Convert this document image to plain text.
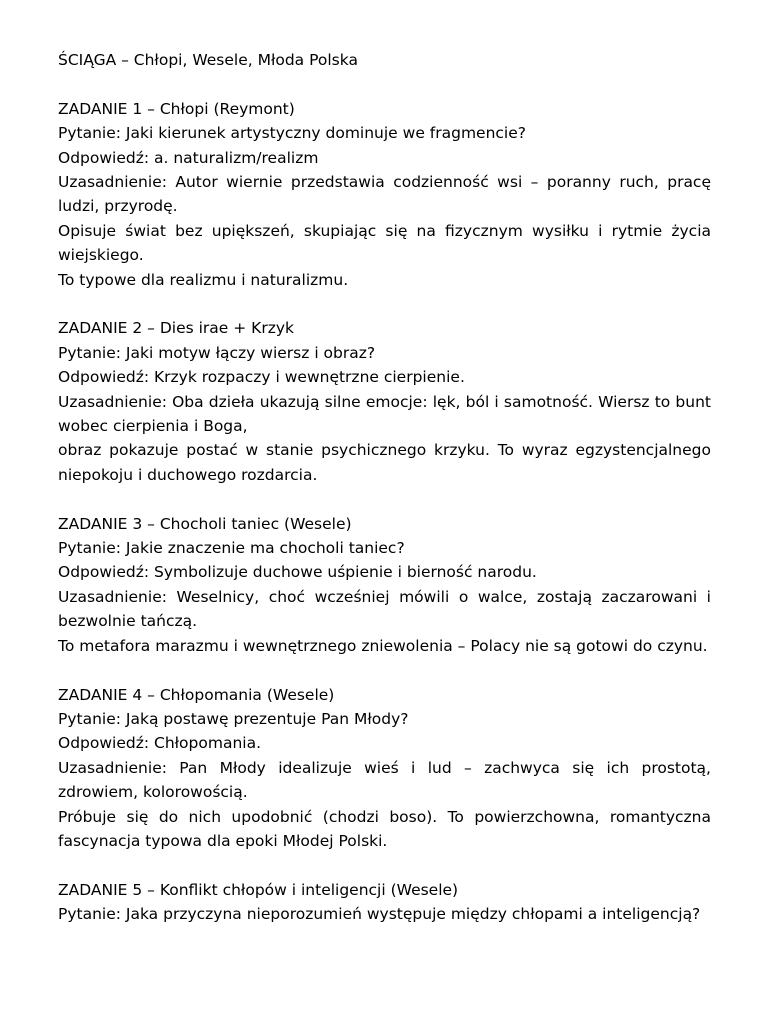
ŚCIĄGA – Chłopi, Wesele, Młoda Polska

ZADANIE 1 – Chłopi (Reymont)

Pytanie: Jaki kierunek artystyczny dominuje we fragmencie?

Odpowiedź: a. naturalizm/realizm

Uzasadnienie: Autor wiernie przedstawia codzienność wsi – poranny ruch, pracę ludzi, przyrodę.

Opisuje świat bez upiększeń, skupiając się na fizycznym wysiłku i rytmie życia wiejskiego.

To typowe dla realizmu i naturalizmu.

ZADANIE 2 – Dies irae + Krzyk

Pytanie: Jaki motyw łączy wiersz i obraz?

Odpowiedź: Krzyk rozpaczy i wewnętrzne cierpienie.

Uzasadnienie: Oba dzieła ukazują silne emocje: lęk, ból i samotność. Wiersz to bunt wobec cierpienia i Boga,

obraz pokazuje postać w stanie psychicznego krzyku. To wyraz egzystencjalnego niepokoju i duchowego rozdarcia.

ZADANIE 3 – Chocholi taniec (Wesele)

Pytanie: Jakie znaczenie ma chocholi taniec?

Odpowiedź: Symbolizuje duchowe uśpienie i bierność narodu.

Uzasadnienie: Weselnicy, choć wcześniej mówili o walce, zostają zaczarowani i bezwolnie tańczą.

To metafora marazmu i wewnętrznego zniewolenia – Polacy nie są gotowi do czynu.

ZADANIE 4 – Chłopomania (Wesele)

Pytanie: Jaką postawę prezentuje Pan Młody?

Odpowiedź: Chłopomania.

Uzasadnienie: Pan Młody idealizuje wieś i lud – zachwyca się ich prostotą, zdrowiem, kolorowością.

Próbuje się do nich upodobnić (chodzi boso). To powierzchowna, romantyczna fascynacja typowa dla epoki Młodej Polski.

ZADANIE 5 – Konflikt chłopów i inteligencji (Wesele)

Pytanie: Jaka przyczyna nieporozumień występuje między chłopami a inteligencją?
